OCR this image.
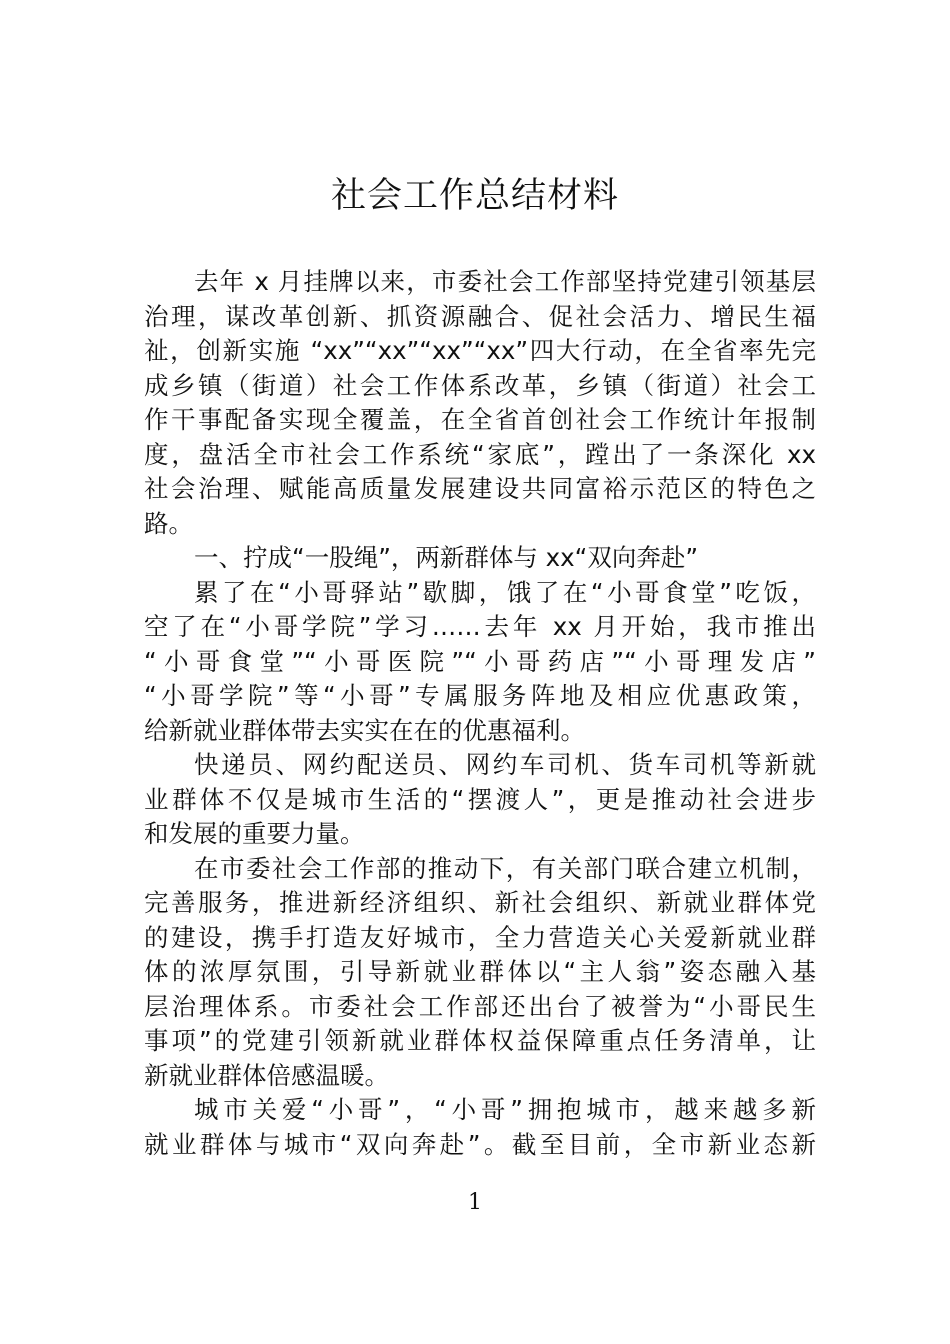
社会工作总结材料
去年 x 月挂牌以来，市委社会工作部坚持党建引领基层
治理，谋改革创新、抓资源融合、促社会活力、增民生福
祉，创新实施 “xx”“xx”“xx”“xx”四大行动，在全省率先完
成乡镇（街道）社会工作体系改革，乡镇（街道）社会工
作干事配备实现全覆盖，在全省首创社会工作统计年报制
度，盘活全市社会工作系统“家底”，蹚出了一条深化 xx
社会治理、赋能高质量发展建设共同富裕示范区的特色之
路。
一、拧成“一股绳”，两新群体与 xx“双向奔赴”
累了在“小哥驿站”歇脚，饿了在“小哥食堂”吃饭，
空了在“小哥学院”学习……去年 xx 月开始，我市推出
“小哥食堂”“小哥医院”“小哥药店”“小哥理发店”
“小哥学院”等“小哥”专属服务阵地及相应优惠政策，
给新就业群体带去实实在在的优惠福利。
快递员、网约配送员、网约车司机、货车司机等新就
业群体不仅是城市生活的“摆渡人”，更是推动社会进步
和发展的重要力量。
在市委社会工作部的推动下，有关部门联合建立机制，
完善服务，推进新经济组织、新社会组织、新就业群体党
的建设，携手打造友好城市，全力营造关心关爱新就业群
体的浓厚氛围，引导新就业群体以“主人翁”姿态融入基
层治理体系。市委社会工作部还出台了被誉为“小哥民生
事项”的党建引领新就业群体权益保障重点任务清单，让
新就业群体倍感温暖。
城市关爱“小哥”，“小哥”拥抱城市，越来越多新
就业群体与城市“双向奔赴”。截至目前，全市新业态新
1
